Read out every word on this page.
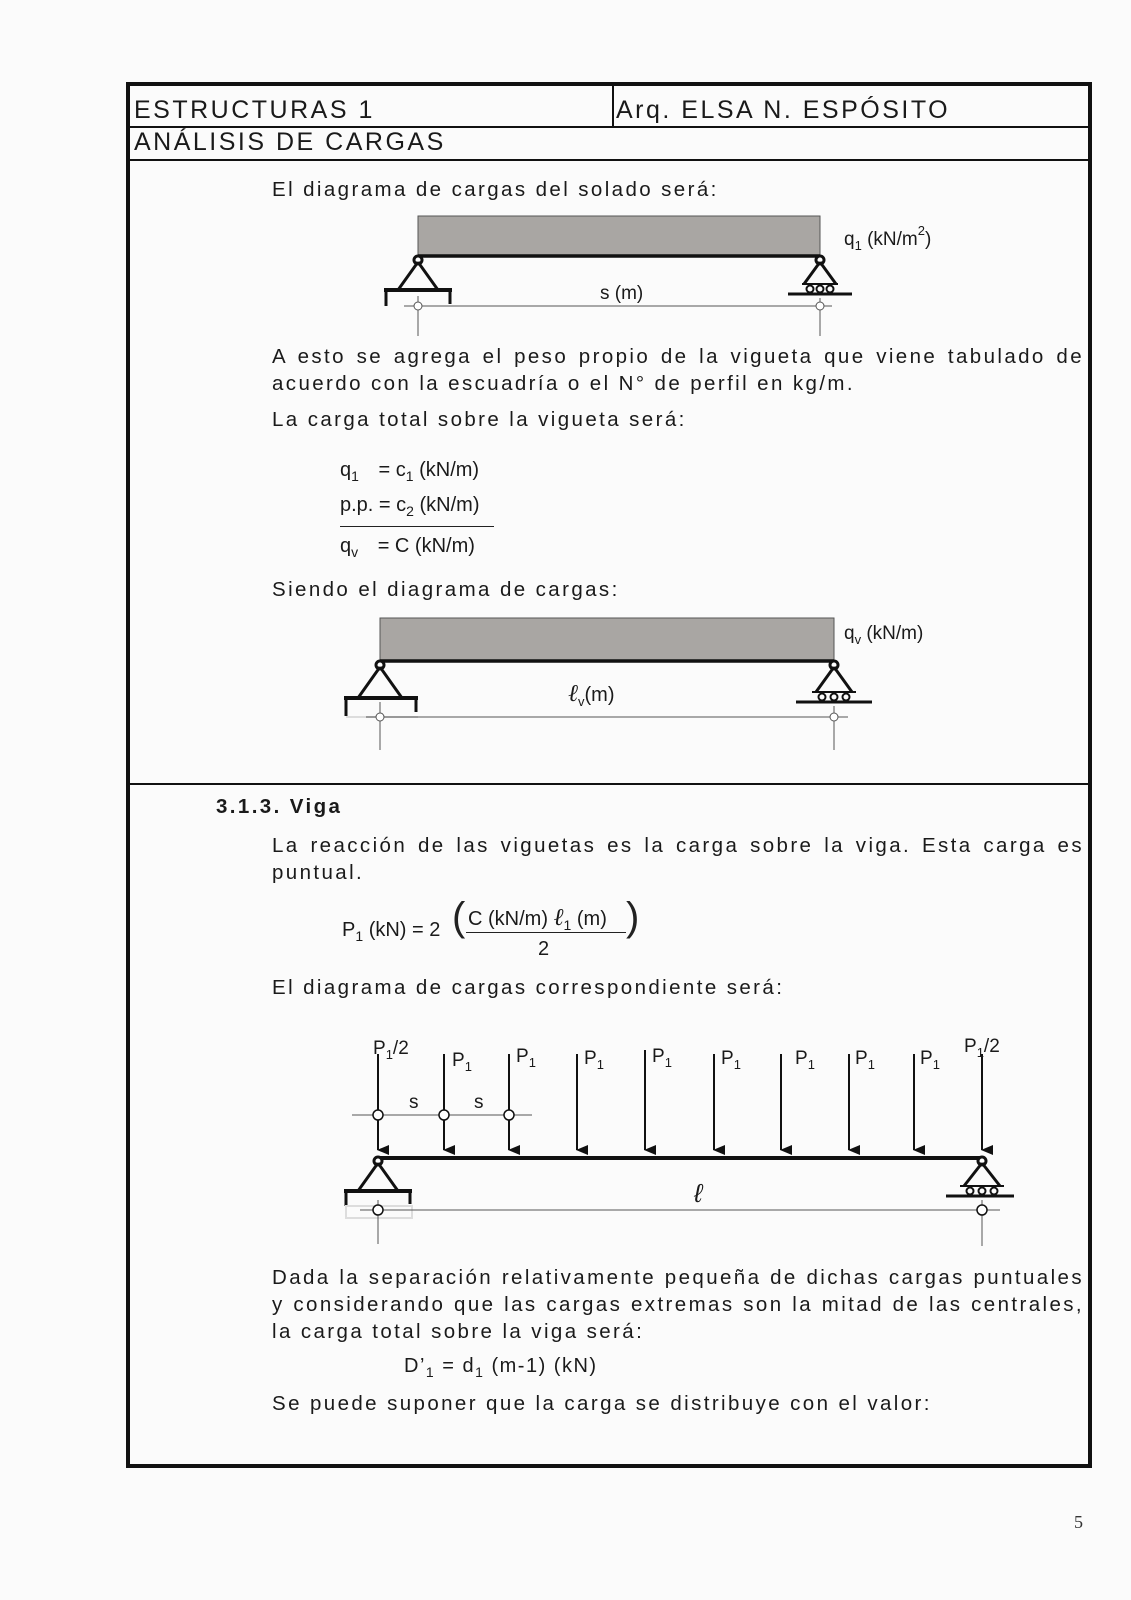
ESTRUCTURAS 1	Arq. ELSA N. ESPÓSITO
ANÁLISIS DE CARGAS
El diagrama de cargas del solado será:
A esto se agrega el peso propio de la vigueta que viene tabulado de acuerdo con la escuadría o el N° de perfil en kg/m.
La carga total sobre la vigueta será:
$q_1 = c_1$ (kN/m)
p.p. = $c_2$ (kN/m)
$q_v = C$ (kN/m)
Siendo el diagrama de cargas:
3.1.3. Viga
La reacción de las viguetas es la carga sobre la viga. Esta carga es puntual.
$P_1$ (kN) = 2 ( C (kN/m) ℓ$_1$ (m)
2
)
El diagrama de cargas correspondiente será:
Dada la separación relativamente pequeña de dichas cargas puntuales y considerando que las cargas extremas son la mitad de las centrales, la carga total sobre la viga será:
$D’_1 = d_1$ (m-1) (kN)
Se puede suponer que la carga se distribuye con el valor:
5
s (m)
$q_1$ $(kN/m^2)$
ℓ$_v$(m)
$q_v$ (kN/m)
s	s
$P_1/2$
$P_1$ $P_1$	$P_1$	$P_1$	$P_1$	$P_1$ $P_1$ $P_1$
$P_1/2$
ℓ
